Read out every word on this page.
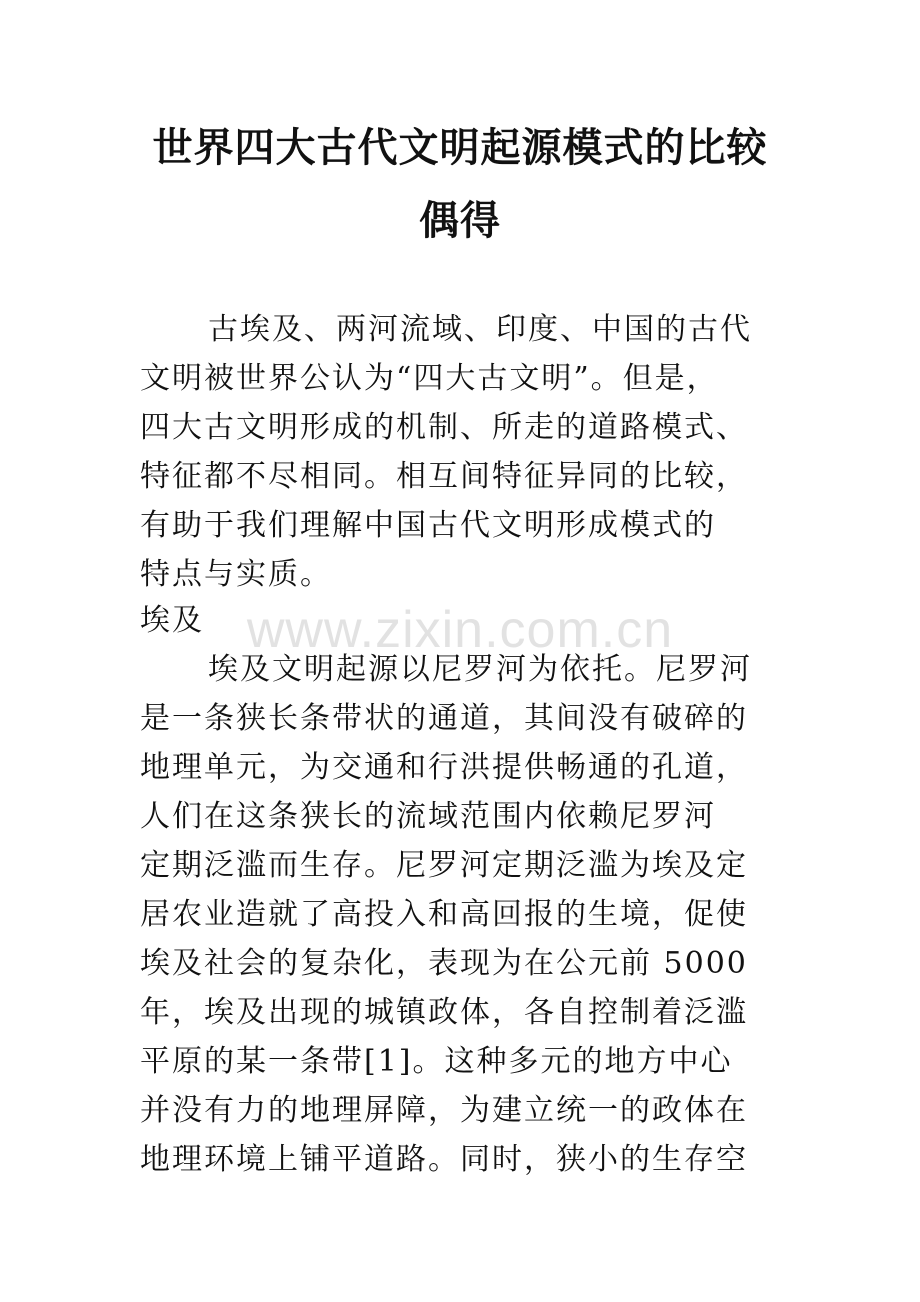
世界四大古代文明起源模式的比较
偶得
古埃及、两河流域、印度、中国的古代
文明被世界公认为“四大古文明”。但是，
四大古文明形成的机制、所走的道路模式、
特征都不尽相同。相互间特征异同的比较，
有助于我们理解中国古代文明形成模式的
特点与实质。
埃及 www.zixin.com.cn
埃及文明起源以尼罗河为依托。尼罗河
是一条狭长条带状的通道，其间没有破碎的
地理单元，为交通和行洪提供畅通的孔道，
人们在这条狭长的流域范围内依赖尼罗河
定期泛滥而生存。尼罗河定期泛滥为埃及定
居农业造就了高投入和高回报的生境，促使
埃及社会的复杂化，表现为在公元前 5000
年，埃及出现的城镇政体，各自控制着泛滥
平原的某一条带[1]。这种多元的地方中心
并没有力的地理屏障，为建立统一的政体在
地理环境上铺平道路。同时，狭小的生存空
